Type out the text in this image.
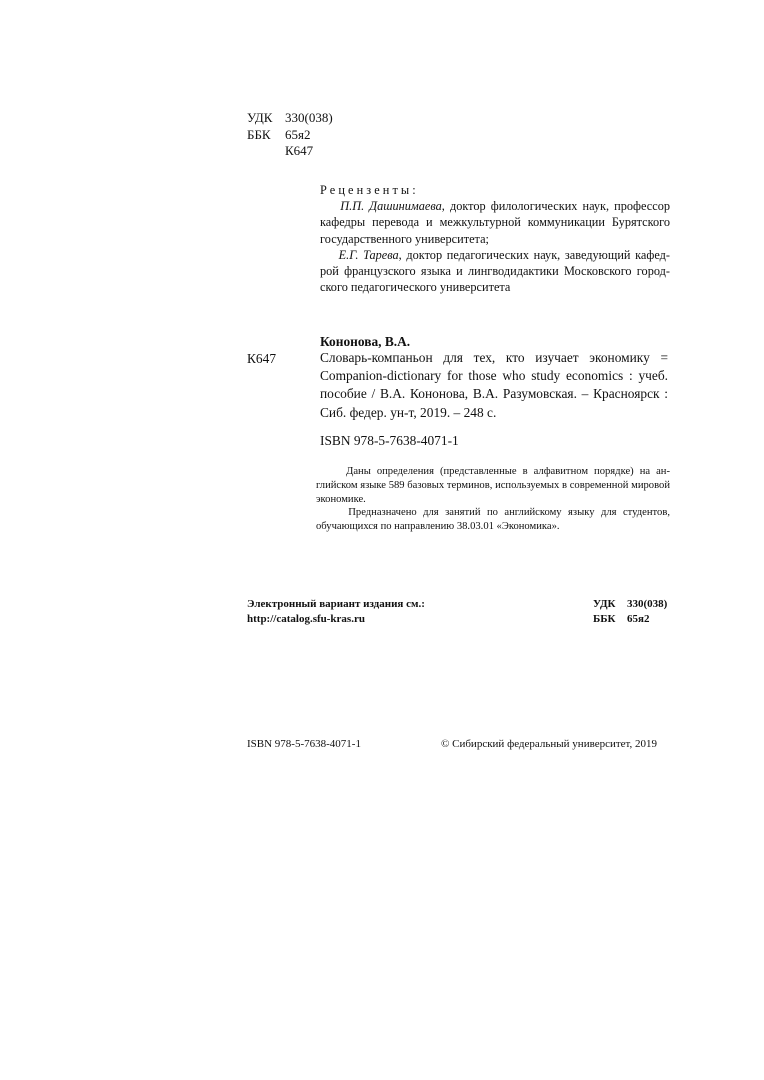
УДК 330(038)
ББК	65я2
К647
Рецензенты:

П.П. Дашинимаева, доктор филологических наук, профессор кафедры перевода и межкультурной коммуникации Бурятского государственного университета;

Е.Г. Тарева, доктор педагогических наук, заведующий кафед-рой французского языка и лингводидактики Московского город-ского педагогического университета

Кононова, В.А.
К647	Словарь-компаньон для тех, кто изучает экономику = Companion-dictionary for those who study economics : учеб. пособие / В.А. Кононова, В.А. Разумовская. – Красноярск : Сиб. федер. ун-т, 2019. – 248 с.
ISBN 978-5-7638-4071-1

Даны определения (представленные в алфавитном порядке) на ан-глийском языке 589 базовых терминов, используемых в современной мировой экономике.

Предназначено для занятий по английскому языку для студентов, обучающихся по направлению 38.03.01 «Экономика».

Электронный вариант издания см.:
http://catalog.sfu-kras.ru
УДК	330(038)
ББК	65я2
ISBN 978-5-7638-4071-1	© Сибирский федеральный университет, 2019
